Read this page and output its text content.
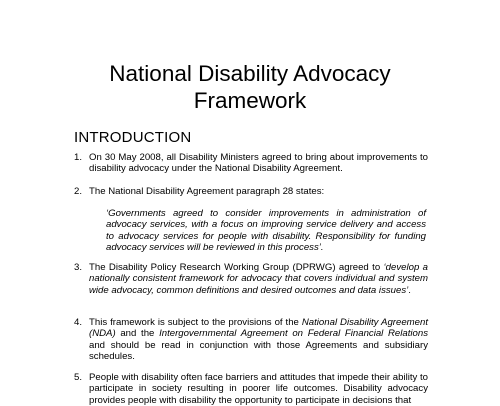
National Disability Advocacy
Framework
INTRODUCTION
1. On 30 May 2008, all Disability Ministers agreed to bring about improvements to disability advocacy under the National Disability Agreement.
2. The National Disability Agreement paragraph 28 states:
‘Governments agreed to consider improvements in administration of advocacy services, with a focus on improving service delivery and access to advocacy services for people with disability. Responsibility for funding advocacy services will be reviewed in this process’.
3. The Disability Policy Research Working Group (DPRWG) agreed to ‘develop a nationally consistent framework for advocacy that covers individual and system wide advocacy, common definitions and desired outcomes and data issues’.
4. This framework is subject to the provisions of the National Disability Agreement (NDA) and the Intergovernmental Agreement on Federal Financial Relations and should be read in conjunction with those Agreements and subsidiary schedules.
5. People with disability often face barriers and attitudes that impede their ability to participate in society resulting in poorer life outcomes. Disability advocacy provides people with disability the opportunity to participate in decisions that
